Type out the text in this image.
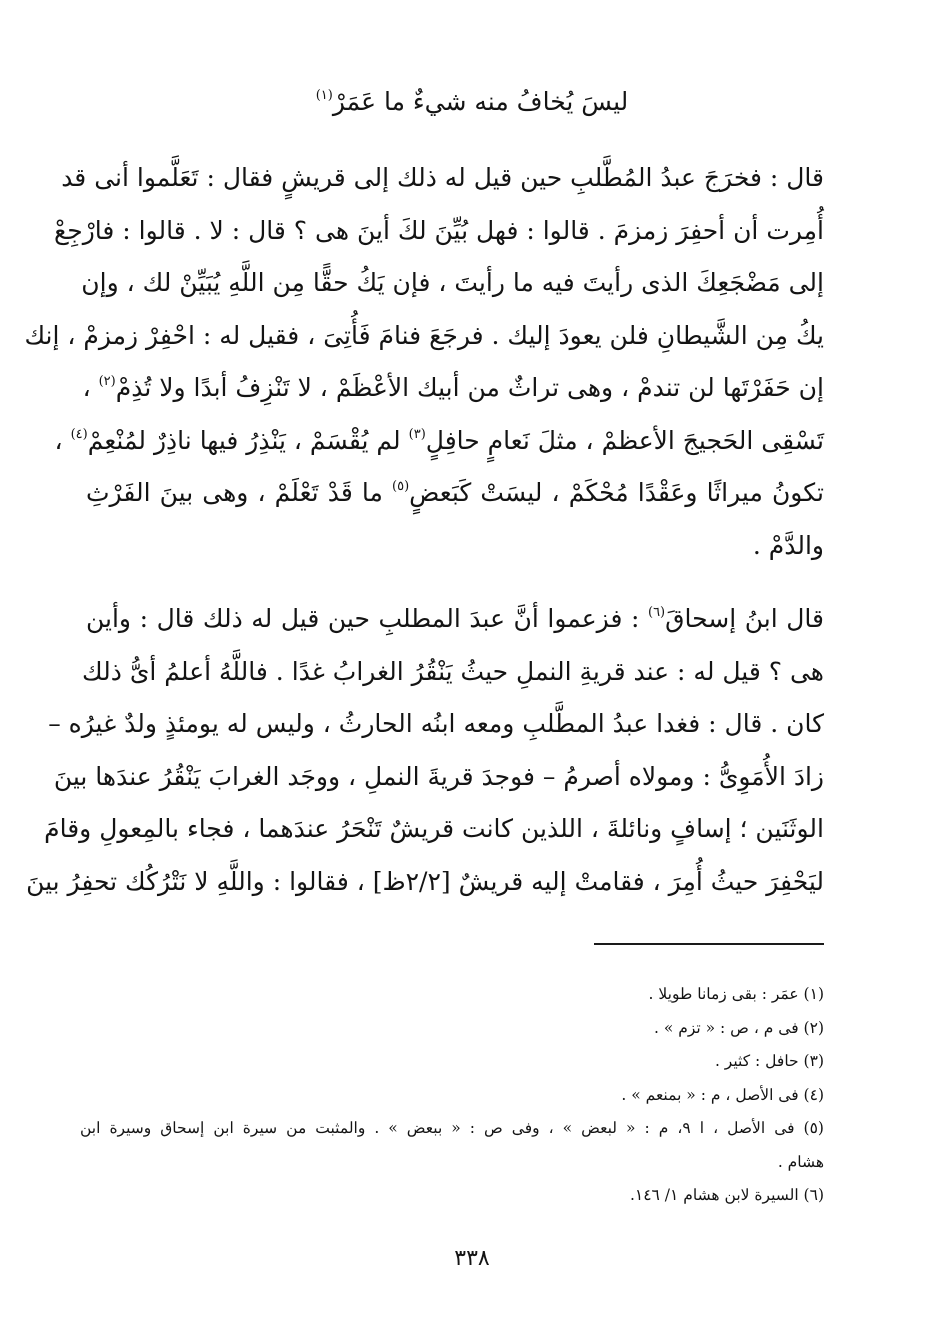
ليسَ يُخافُ منه شيءٌ ما عَمَرْ$^{(١)}$
قال : فخرَجَ عبدُ المُطَّلبِ حين قيل له ذلك إلى قريشٍ فقال : تَعَلَّموا أنى قد
أُمِرت أن أحفِرَ زمزمَ . قالوا : فهل بُيِّنَ لكَ أينَ هى ؟ قال : لا . قالوا : فارْجِعْ
إلى مَضْجَعِكَ الذى رأيتَ فيه ما رأيتَ ، فإن يَكُ حقًّا مِن اللَّهِ يُبَيِّنْ لك ، وإن
يكُ مِن الشَّيطانِ فلن يعودَ إليك . فرجَعَ فنامَ فَأُتِىَ ، فقيل له : احْفِرْ زمزمْ ، إنك
إن حَفَرْتَها لن تندمْ ، وهى تراثٌ من أبيك الأعْظَمْ ، لا تَنْزِفُ أبدًا ولا تُذِمْ$^{(٢)}$ ،
تَسْقِى الحَجيجَ الأعظمْ ، مثلَ نَعامٍ حافِلٍ$^{(٣)}$ لم يُقْسَمْ ، يَنْذِرُ فيها ناذِرٌ لمُنْعِمْ$^{(٤)}$ ،
تكونُ ميراثًا وعَقْدًا مُحْكَمْ ، ليسَتْ كَبَعضٍ$^{(٥)}$ ما قَدْ تَعْلَمْ ، وهى بينَ الفَرْثِ
والدَّمْ .
قال ابنُ إسحاقَ$^{(٦)}$ : فزعموا أنَّ عبدَ المطلبِ حين قيل له ذلك قال : وأين
هى ؟ قيل له : عند قريةِ النملِ حيثُ يَنْقُرُ الغرابُ غدًا . فاللَّهُ أعلمُ أىُّ ذلك
كان . قال : فغدا عبدُ المطَّلبِ ومعه ابنُه الحارثُ ، وليس له يومئذٍ ولدٌ غيرُه –
زادَ الأُمَوِىُّ : ومولاه أصرمُ – فوجدَ قريةَ النملِ ، ووجَد الغرابَ يَنْقُرُ عندَها بينَ
الوثَنَين ؛ إسافٍ ونائلةَ ، اللذين كانت قريشٌ تَنْحَرُ عندَهما ، فجاء بالمِعولِ وقامَ
ليَحْفِرَ حيثُ أُمِرَ ، فقامتْ إليه قريشٌ [٢/٢ظ] ، فقالوا : واللَّهِ لا نَتْرُكُك تحفِرُ بينَ
(١) عمَر : بقى زمانا طويلا .
(٢) فى م ، ص : « تزم » .
(٣) حافل : كثير .
(٤) فى الأصل ، م : « بمنعم » .
(٥) فى الأصل ، ا ٩، م : « لبعض » ، وفى ص : « ببعض » . والمثبت من سيرة ابن إسحاق وسيرة ابن
هشام .
(٦) السيرة لابن هشام ١/ ١٤٦.
٣٣٨
